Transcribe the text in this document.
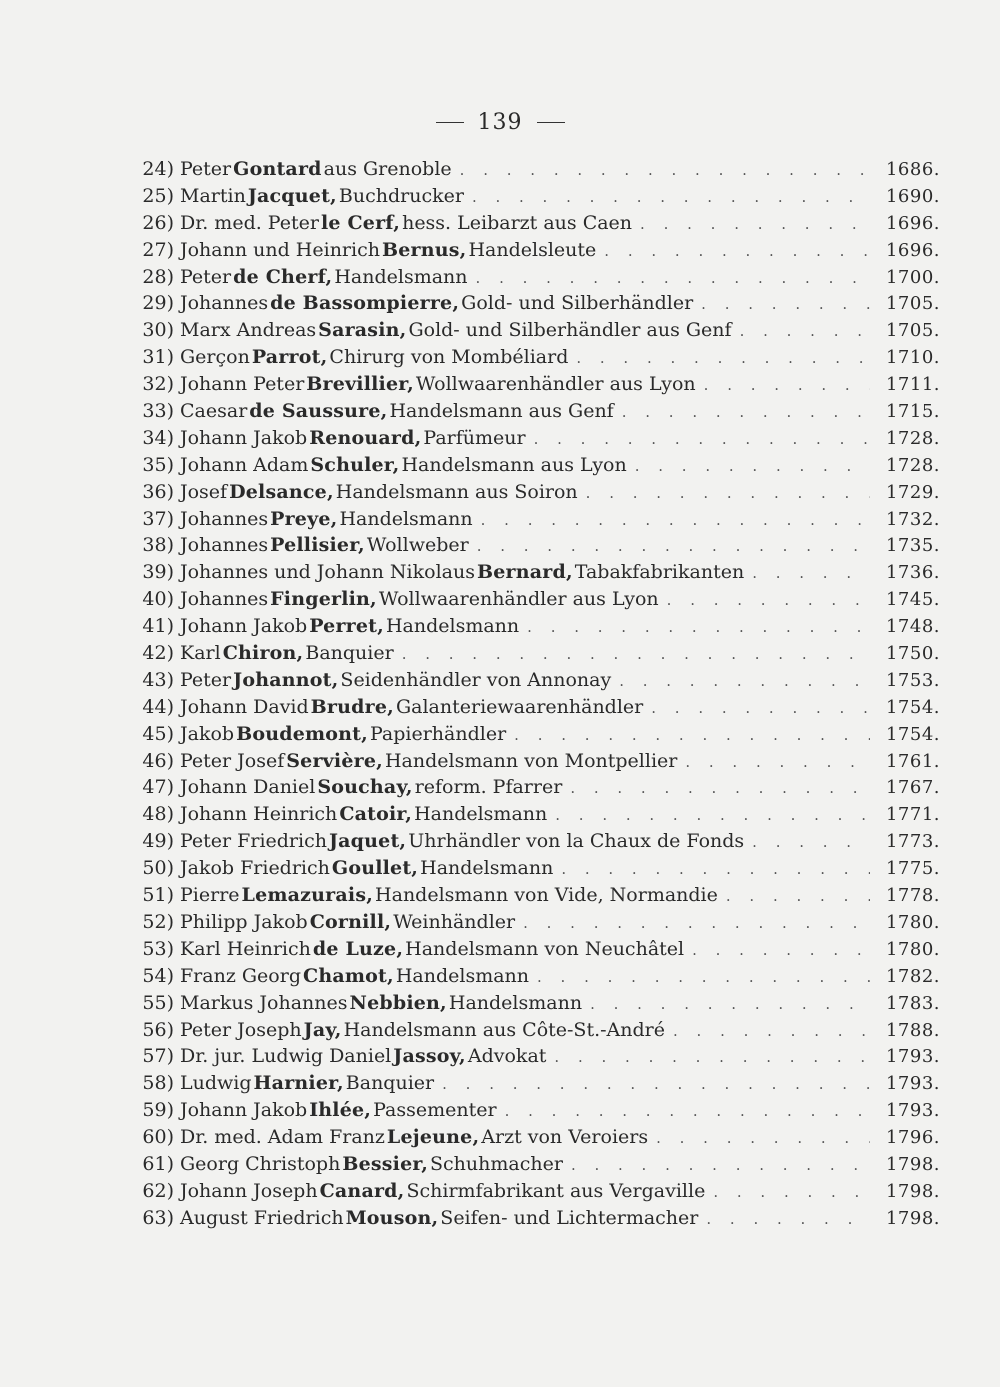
139
24) Peter Gontard aus Grenoble . . .	1686.
25) Martin Jacquet, Buchdrucker . . .	1690.
26) Dr. med. Peter le Cerf, hess. Leibarzt aus Caen . . .	1696.
27) Johann und Heinrich Bernus, Handelsleute . . .	1696.
28) Peter de Cherf, Handelsmann . . .	1700.
29) Johannes de Bassompierre, Gold- und Silberhändler . . .	1705.
30) Marx Andreas Sarasin, Gold- und Silberhändler aus Genf . . .	1705.
31) Gerçon Parrot, Chirurg von Mombéliard . . .	1710.
32) Johann Peter Brevillier, Wollwaarenhändler aus Lyon . . .	1711.
33) Caesar de Saussure, Handelsmann aus Genf . . .	1715.
34) Johann Jakob Renouard, Parfümeur . . .	1728.
35) Johann Adam Schuler, Handelsmann aus Lyon . . .	1728.
36) Josef Delsance, Handelsmann aus Soiron . . .	1729.
37) Johannes Preye, Handelsmann . . .	1732.
38) Johannes Pellisier, Wollweber . . .	1735.
39) Johannes und Johann Nikolaus Bernard, Tabakfabrikanten . . .	1736.
40) Johannes Fingerlin, Wollwaarenhändler aus Lyon . . .	1745.
41) Johann Jakob Perret, Handelsmann . . .	1748.
42) Karl Chiron, Banquier . . .	1750.
43) Peter Johannot, Seidenhändler von Annonay . . .	1753.
44) Johann David Brudre, Galanteriewaarenhändler . . .	1754.
45) Jakob Boudemont, Papierhändler . . .	1754.
46) Peter Josef Servière, Handelsmann von Montpellier . . .	1761.
47) Johann Daniel Souchay, reform. Pfarrer . . .	1767.
48) Johann Heinrich Catoir, Handelsmann . . .	1771.
49) Peter Friedrich Jaquet, Uhrhändler von la Chaux de Fonds . . .	1773.
50) Jakob Friedrich Goullet, Handelsmann . . .	1775.
51) Pierre Lemazurais, Handelsmann von Vide, Normandie . . .	1778.
52) Philipp Jakob Cornill, Weinhändler . . .	1780.
53) Karl Heinrich de Luze, Handelsmann von Neuchâtel . . .	1780.
54) Franz Georg Chamot, Handelsmann . . .	1782.
55) Markus Johannes Nebbien, Handelsmann . . .	1783.
56) Peter Joseph Jay, Handelsmann aus Côte-St.-André . . .	1788.
57) Dr. jur. Ludwig Daniel Jassoy, Advokat . . .	1793.
58) Ludwig Harnier, Banquier . . .	1793.
59) Johann Jakob Ihlée, Passementer . . .	1793.
60) Dr. med. Adam Franz Lejeune, Arzt von Veroiers . . .	1796.
61) Georg Christoph Bessier, Schuhmacher . . .	1798.
62) Johann Joseph Canard, Schirmfabrikant aus Vergaville . . .	1798.
63) August Friedrich Mouson, Seifen- und Lichtermacher . . .	1798.
